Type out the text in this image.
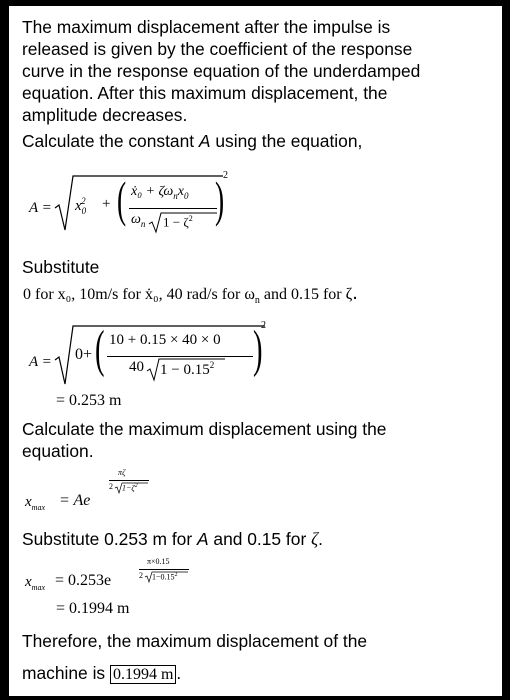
The maximum displacement after the impulse is

released is given by the coefficient of the response

curve in the response equation of the underdamped

equation. After this maximum displacement, the

amplitude decreases.

Calculate the constant A using the equation,

$A = x_0^2$ + ( ẋ₀ + $\zeta\omega_nx_0$
$\omega_n$ $1 - \zeta^2$ )
2

Substitute

0 for x₀, 10m/s for ẋ₀, 40 rad/s for $\omega_n$ and 0.15 for ζ.

A = 0+ ( 10 + 0.15 × 40 × 0
40 $1 - 0.15^2$ )
2
= 0.253 m

Calculate the maximum displacement using the

equation.

$x_{max} = Ae$
πζ
2 $1-\zeta^2$

Substitute 0.253 m for A and 0.15 for ζ.

$x_{max} = 0.253e$
π×0.15
2 $1-0.15^2$
= 0.1994 m

Therefore, the maximum displacement of the

machine is 0.1994 m .
